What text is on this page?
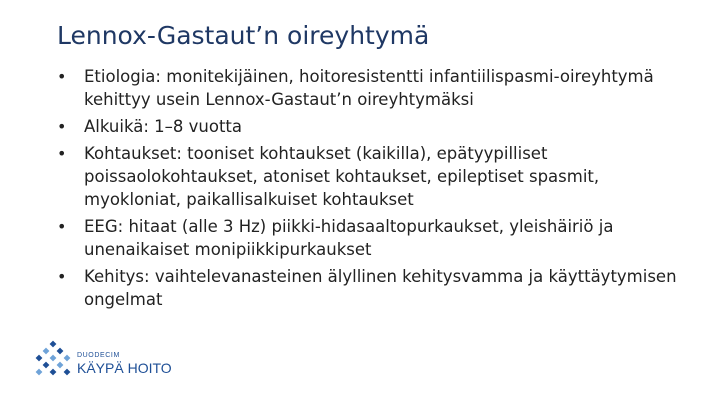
Lennox-Gastaut’n oireyhtymä
• Etiologia: monitekijäinen, hoitoresistentti infantiilispasmi-oireyhtymä kehittyy usein Lennox-Gastaut’n oireyhtymäksi
• Alkuikä: 1–8 vuotta
• Kohtaukset: tooniset kohtaukset (kaikilla), epätyypilliset poissaolokohtaukset, atoniset kohtaukset, epileptiset spasmit, myokloniat, paikallisalkuiset kohtaukset
• EEG: hitaat (alle 3 Hz) piikki-hidasaaltopurkaukset, yleishäiriö ja unenaikaiset monipiikkipurkaukset
• Kehitys: vaihtelevanasteinen älyllinen kehitysvamma ja käyttäytymisen ongelmat
DUODECIM
KÄYPÄ HOITO
